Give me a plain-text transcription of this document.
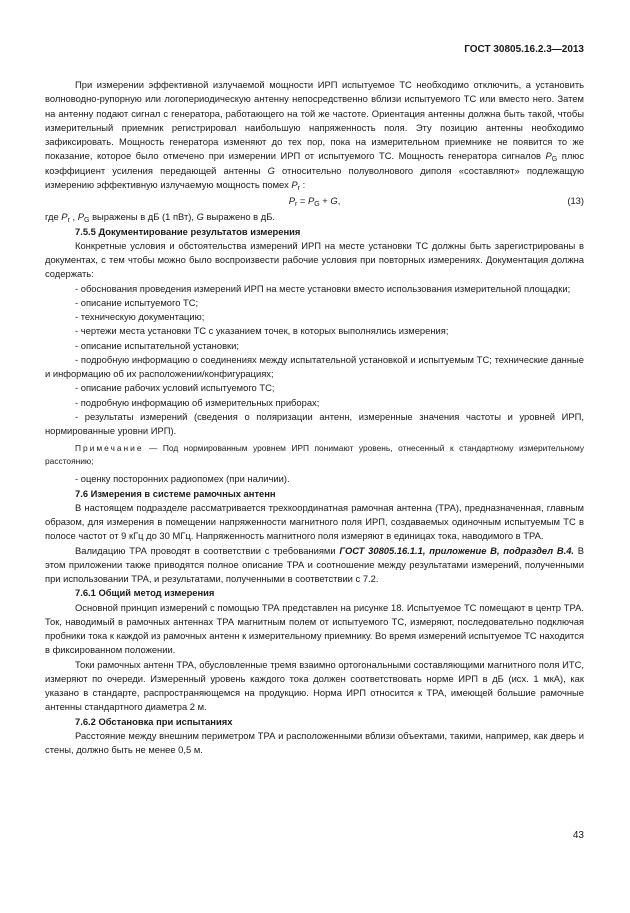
ГОСТ 30805.16.2.3—2013

При измерении эффективной излучаемой мощности ИРП испытуемое ТС необходимо отключить, а установить волноводно-рупорную или логопериодическую антенну непосредственно вблизи испытуемого ТС или вместо него. Затем на антенну подают сигнал с генератора, работающего на той же частоте. Ориентация антенны должна быть такой, чтобы измерительный приемник регистрировал наибольшую напряженность поля. Эту позицию антенны необходимо зафиксировать. Мощность генератора изменяют до тех пор, пока на измерительном приемнике не появится то же показание, которое было отмечено при измерении ИРП от испытуемого ТС. Мощность генератора сигналов $P_G$ плюс коэффициент усиления передающей антенны G относительно полуволнового диполя «составляют» подлежащую измерению эффективную излучаемую мощность помех $P_r$ :

$P_r = P_G + G$,	(13)

где $P_r$ , $P_G$ выражены в дБ (1 пВт), G выражено в дБ.

7.5.5 Документирование результатов измерения

Конкретные условия и обстоятельства измерений ИРП на месте установки ТС должны быть зарегистрированы в документах, с тем чтобы можно было воспроизвести рабочие условия при повторных измерениях. Документация должна содержать:

- обоснования проведения измерений ИРП на месте установки вместо использования измерительной площадки;

- описание испытуемого ТС;

- техническую документацию;

- чертежи места установки ТС с указанием точек, в которых выполнялись измерения;

- описание испытательной установки;

- подробную информацию о соединениях между испытательной установкой и испытуемым ТС; технические данные и информацию об их расположении/конфигурациях;

- описание рабочих условий испытуемого ТС;

- подробную информацию об измерительных приборах;

- результаты измерений (сведения о поляризации антенн, измеренные значения частоты и уровней ИРП, нормированные уровни ИРП).

Примечание — Под нормированным уровнем ИРП понимают уровень, отнесенный к стандартному измерительному расстоянию;

- оценку посторонних радиопомех (при наличии).

7.6 Измерения в системе рамочных антенн

В настоящем подразделе рассматривается трехкоординатная рамочная антенна (ТРА), предназначенная, главным образом, для измерения в помещении напряженности магнитного поля ИРП, создаваемых одиночным испытуемым ТС в полосе частот от 9 кГц до 30 МГц. Напряженность магнитного поля измеряют в единицах тока, наводимого в ТРА.

Валидацию ТРА проводят в соответствии с требованиями ГОСТ 30805.16.1.1, приложение В, подраздел В.4. В этом приложении также приводятся полное описание ТРА и соотношение между результатами измерений, полученными при использовании ТРА, и результатами, полученными в соответствии с 7.2.

7.6.1 Общий метод измерения

Основной принцип измерений с помощью ТРА представлен на рисунке 18. Испытуемое ТС помещают в центр ТРА. Ток, наводимый в рамочных антеннах ТРА магнитным полем от испытуемого ТС, измеряют, последовательно подключая пробники тока к каждой из рамочных антенн к измерительному приемнику. Во время измерений испытуемое ТС находится в фиксированном положении.

Токи рамочных антенн ТРА, обусловленные тремя взаимно ортогональными составляющими магнитного поля ИТС, измеряют по очереди. Измеренный уровень каждого тока должен соответствовать норме ИРП в дБ (исх. 1 мкА), как указано в стандарте, распространяющемся на продукцию. Норма ИРП относится к ТРА, имеющей большие рамочные антенны стандартного диаметра 2 м.

7.6.2 Обстановка при испытаниях

Расстояние между внешним периметром ТРА и расположенными вблизи объектами, такими, например, как дверь и стены, должно быть не менее 0,5 м.

43
